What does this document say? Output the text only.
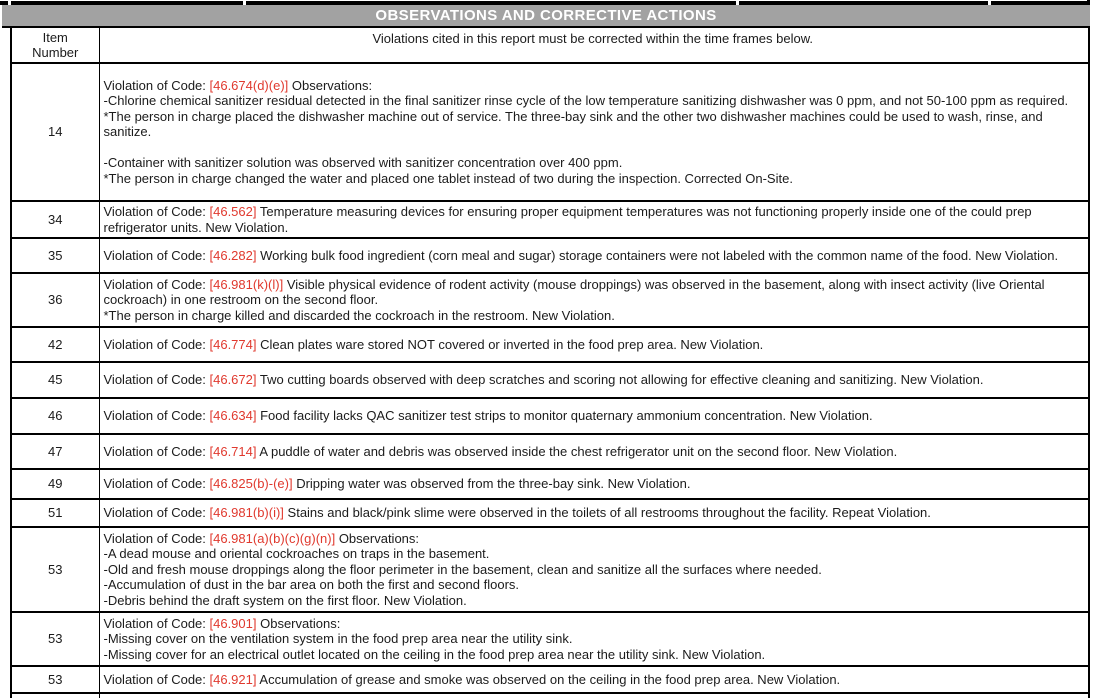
OBSERVATIONS AND CORRECTIVE ACTIONS
Item
Number	Violations cited in this report must be corrected within the time frames below.
14	Violation of Code: [46.674(d)(e)] Observations:
-Chlorine chemical sanitizer residual detected in the final sanitizer rinse cycle of the low temperature sanitizing dishwasher was 0 ppm, and not 50-100 ppm as required.
*The person in charge placed the dishwasher machine out of service. The three-bay sink and the other two dishwasher machines could be used to wash, rinse, and sanitize.

-Container with sanitizer solution was observed with sanitizer concentration over 400 ppm.
*The person in charge changed the water and placed one tablet instead of two during the inspection. Corrected On-Site.

34	Violation of Code: [46.562] Temperature measuring devices for ensuring proper equipment temperatures was not functioning properly inside one of the could prep refrigerator units. New Violation.

35	Violation of Code: [46.282] Working bulk food ingredient (corn meal and sugar) storage containers were not labeled with the common name of the food. New Violation.

36	Violation of Code: [46.981(k)(l)] Visible physical evidence of rodent activity (mouse droppings) was observed in the basement, along with insect activity (live Oriental cockroach) in one restroom on the second floor.
*The person in charge killed and discarded the cockroach in the restroom. New Violation.

42	Violation of Code: [46.774] Clean plates ware stored NOT covered or inverted in the food prep area. New Violation.

45	Violation of Code: [46.672] Two cutting boards observed with deep scratches and scoring not allowing for effective cleaning and sanitizing. New Violation.

46	Violation of Code: [46.634] Food facility lacks QAC sanitizer test strips to monitor quaternary ammonium concentration. New Violation.

47	Violation of Code: [46.714] A puddle of water and debris was observed inside the chest refrigerator unit on the second floor. New Violation.

49	Violation of Code: [46.825(b)-(e)] Dripping water was observed from the three-bay sink. New Violation.

51	Violation of Code: [46.981(b)(i)] Stains and black/pink slime were observed in the toilets of all restrooms throughout the facility. Repeat Violation.

53	Violation of Code: [46.981(a)(b)(c)(g)(n)] Observations:
-A dead mouse and oriental cockroaches on traps in the basement.
-Old and fresh mouse droppings along the floor perimeter in the basement, clean and sanitize all the surfaces where needed.
-Accumulation of dust in the bar area on both the first and second floors.
-Debris behind the draft system on the first floor. New Violation.

53	Violation of Code: [46.901] Observations:
-Missing cover on the ventilation system in the food prep area near the utility sink.
-Missing cover for an electrical outlet located on the ceiling in the food prep area near the utility sink. New Violation.

53	Violation of Code: [46.921] Accumulation of grease and smoke was observed on the ceiling in the food prep area. New Violation.
